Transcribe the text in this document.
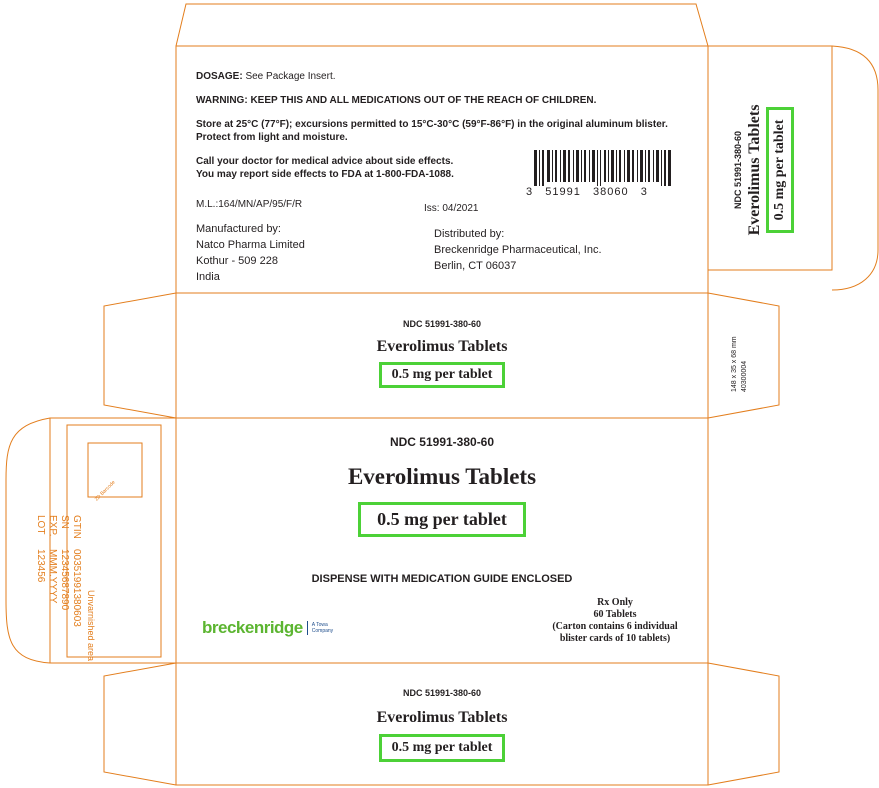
DOSAGE: See Package Insert.
WARNING: KEEP THIS AND ALL MEDICATIONS OUT OF THE REACH OF CHILDREN.
Store at 25°C (77°F); excursions permitted to 15°C-30°C (59°F-86°F) in the original aluminum blister.
Protect from light and moisture.
Call your doctor for medical advice about side effects.
You may report side effects to FDA at 1-800-FDA-1088.
3   51991   38060   3
M.L.:164/MN/AP/95/F/R	Iss: 04/2021
Manufactured by:
Natco Pharma Limited
Kothur - 509 228
India
Distributed by:
Breckenridge Pharmaceutical, Inc.
Berlin, CT 06037
NDC 51991-380-60 Everolimus Tablets 0.5 mg per tablet
148 x 35 x 68 mm 40300004
NDC 51991-380-60
Everolimus Tablets
0.5 mg per tablet
NDC 51991-380-60
Everolimus Tablets
0.5 mg per tablet
DISPENSE WITH MEDICATION GUIDE ENCLOSED
Rx Only
60 Tablets
(Carton contains 6 individual
blister cards of 10 tablets)
breckenridge A Towa Company
2D Barcode
GTIN
00351991380603
SN
12345687890
EXP.
MMM.YYYY
LOT
123456
Unvarnished area
NDC 51991-380-60
Everolimus Tablets
0.5 mg per tablet
